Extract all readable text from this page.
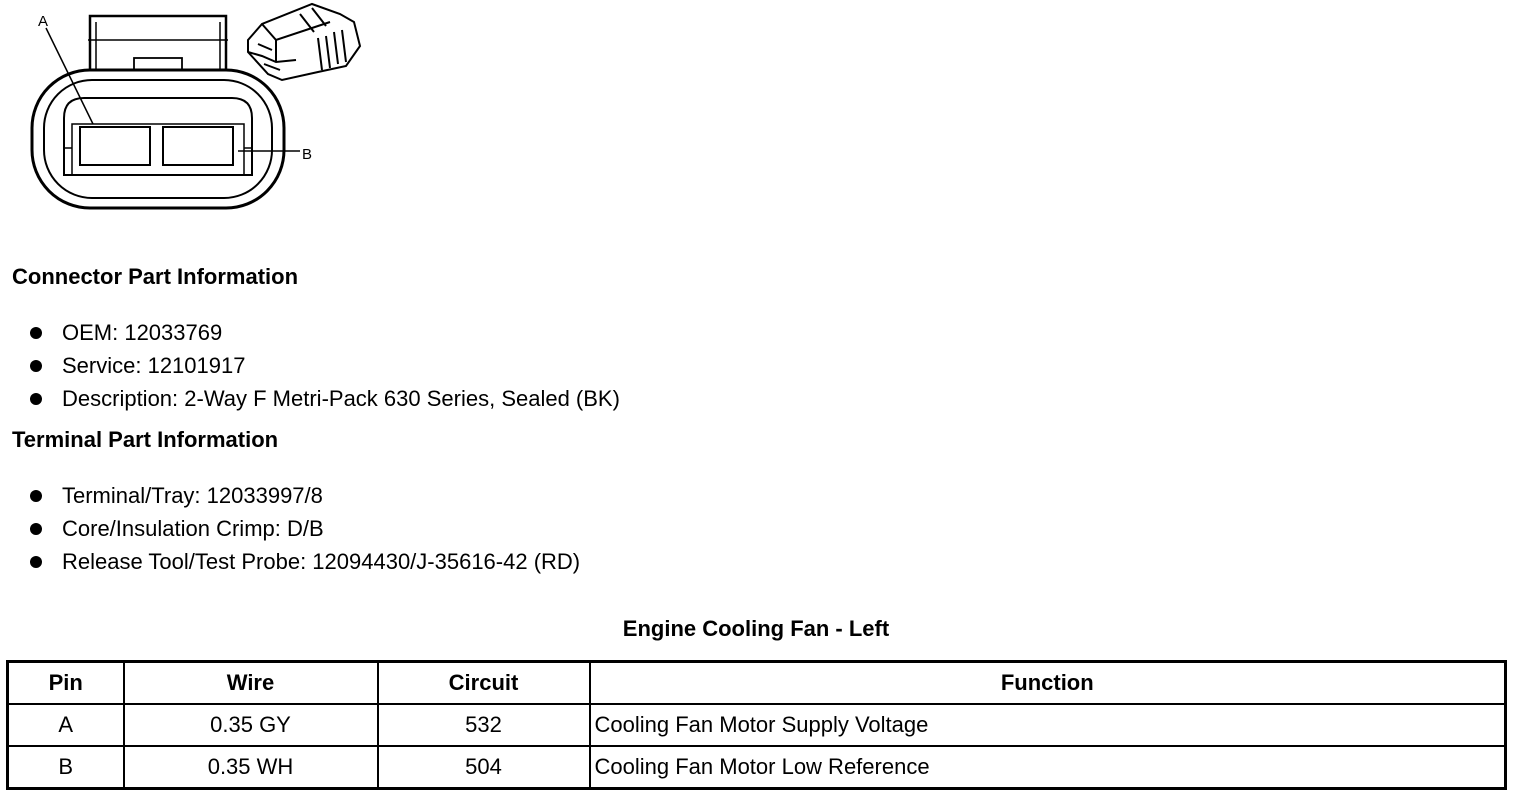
A
B
Connector Part Information
OEM: 12033769
Service: 12101917
Description: 2-Way F Metri-Pack 630 Series, Sealed (BK)
Terminal Part Information
Terminal/Tray: 12033997/8
Core/Insulation Crimp: D/B
Release Tool/Test Probe: 12094430/J-35616-42 (RD)
Engine Cooling Fan - Left
Pin	Wire	Circuit	Function
A	0.35 GY	532	Cooling Fan Motor Supply Voltage
B	0.35 WH	504	Cooling Fan Motor Low Reference
